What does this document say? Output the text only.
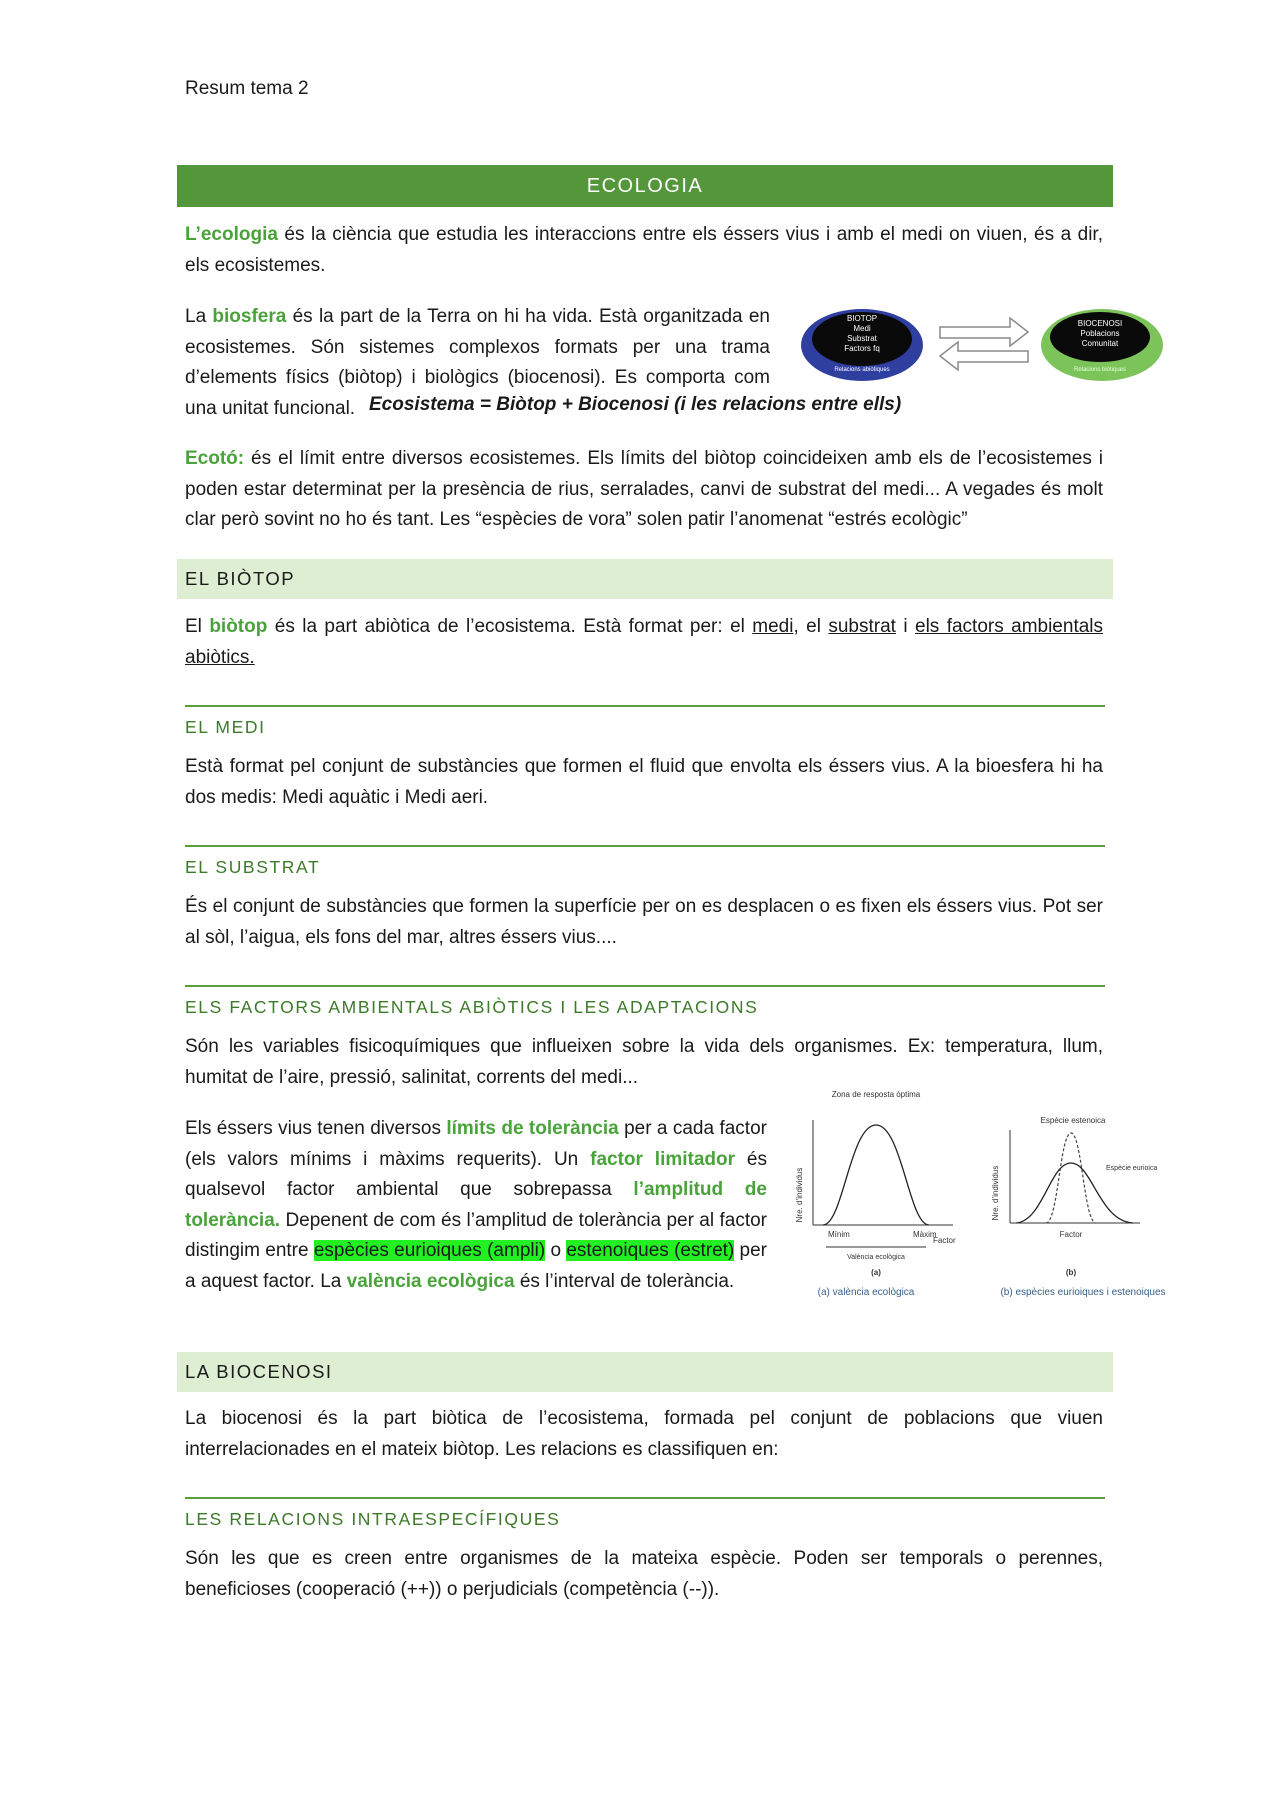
Resum tema 2
ECOLOGIA

L’ecologia és la ciència que estudia les interaccions entre els éssers vius i amb el medi on viuen, és a dir, els ecosistemes.

La biosfera és la part de la Terra on hi ha vida. Està organitzada en ecosistemes. Són sistemes complexos formats per una trama d’elements físics (biòtop) i biològics (biocenosi). Es comporta com una unitat funcional. Ecosistema = Biòtop + Biocenosi (i les relacions entre ells)
BIOTOP
Medi
Substrat
Factors fq
Relacions abiòtiques
BIOCENOSI
Poblacions
Comunitat
Relacions biòtiques

Ecotó: és el límit entre diversos ecosistemes. Els límits del biòtop coincideixen amb els de l’ecosistemes i poden estar determinat per la presència de rius, serralades, canvi de substrat del medi... A vegades és molt clar però sovint no ho és tant. Les “espècies de vora” solen patir l’anomenat “estrés ecològic”

EL BIÒTOP

El biòtop és la part abiòtica de l’ecosistema. Està format per: el medi, el substrat i els factors ambientals abiòtics.

EL MEDI

Està format pel conjunt de substàncies que formen el fluid que envolta els éssers vius. A la bioesfera hi ha dos medis: Medi aquàtic i Medi aeri.

EL SUBSTRAT

És el conjunt de substàncies que formen la superfície per on es desplacen o es fixen els éssers vius. Pot ser al sòl, l’aigua, els fons del mar, altres éssers vius....

ELS FACTORS AMBIENTALS ABIÒTICS I LES ADAPTACIONS

Són les variables fisicoquímiques que influeixen sobre la vida dels organismes. Ex: temperatura, llum, humitat de l’aire, pressió, salinitat, corrents del medi...

Els éssers vius tenen diversos límits de tolerància per a cada factor (els valors mínims i màxims requerits). Un factor limitador és qualsevol factor ambiental que sobrepassa l’amplitud de tolerància. Depenent de com és l’amplitud de tolerància per al factor distingim entre espècies eurioiques (ampli) o estenoiques (estret) per a aquest factor. La valència ecològica és l’interval de tolerància.

Zona de resposta òptima
Nre. d’individus
Mínim	Màxim
València ecològica
Factor
(a)
Espècie estenoica
Nre. d’individus	Espècie eurioica
Factor
(b)
(a) valència ecològica	(b) espècies eurioiques i estenoiques
LA BIOCENOSI

La biocenosi és la part biòtica de l’ecosistema, formada pel conjunt de poblacions que viuen interrelacionades en el mateix biòtop. Les relacions es classifiquen en:

LES RELACIONS INTRAESPECÍFIQUES

Són les que es creen entre organismes de la mateixa espècie. Poden ser temporals o perennes, beneficioses (cooperació (++)) o perjudicials (competència (--)).
